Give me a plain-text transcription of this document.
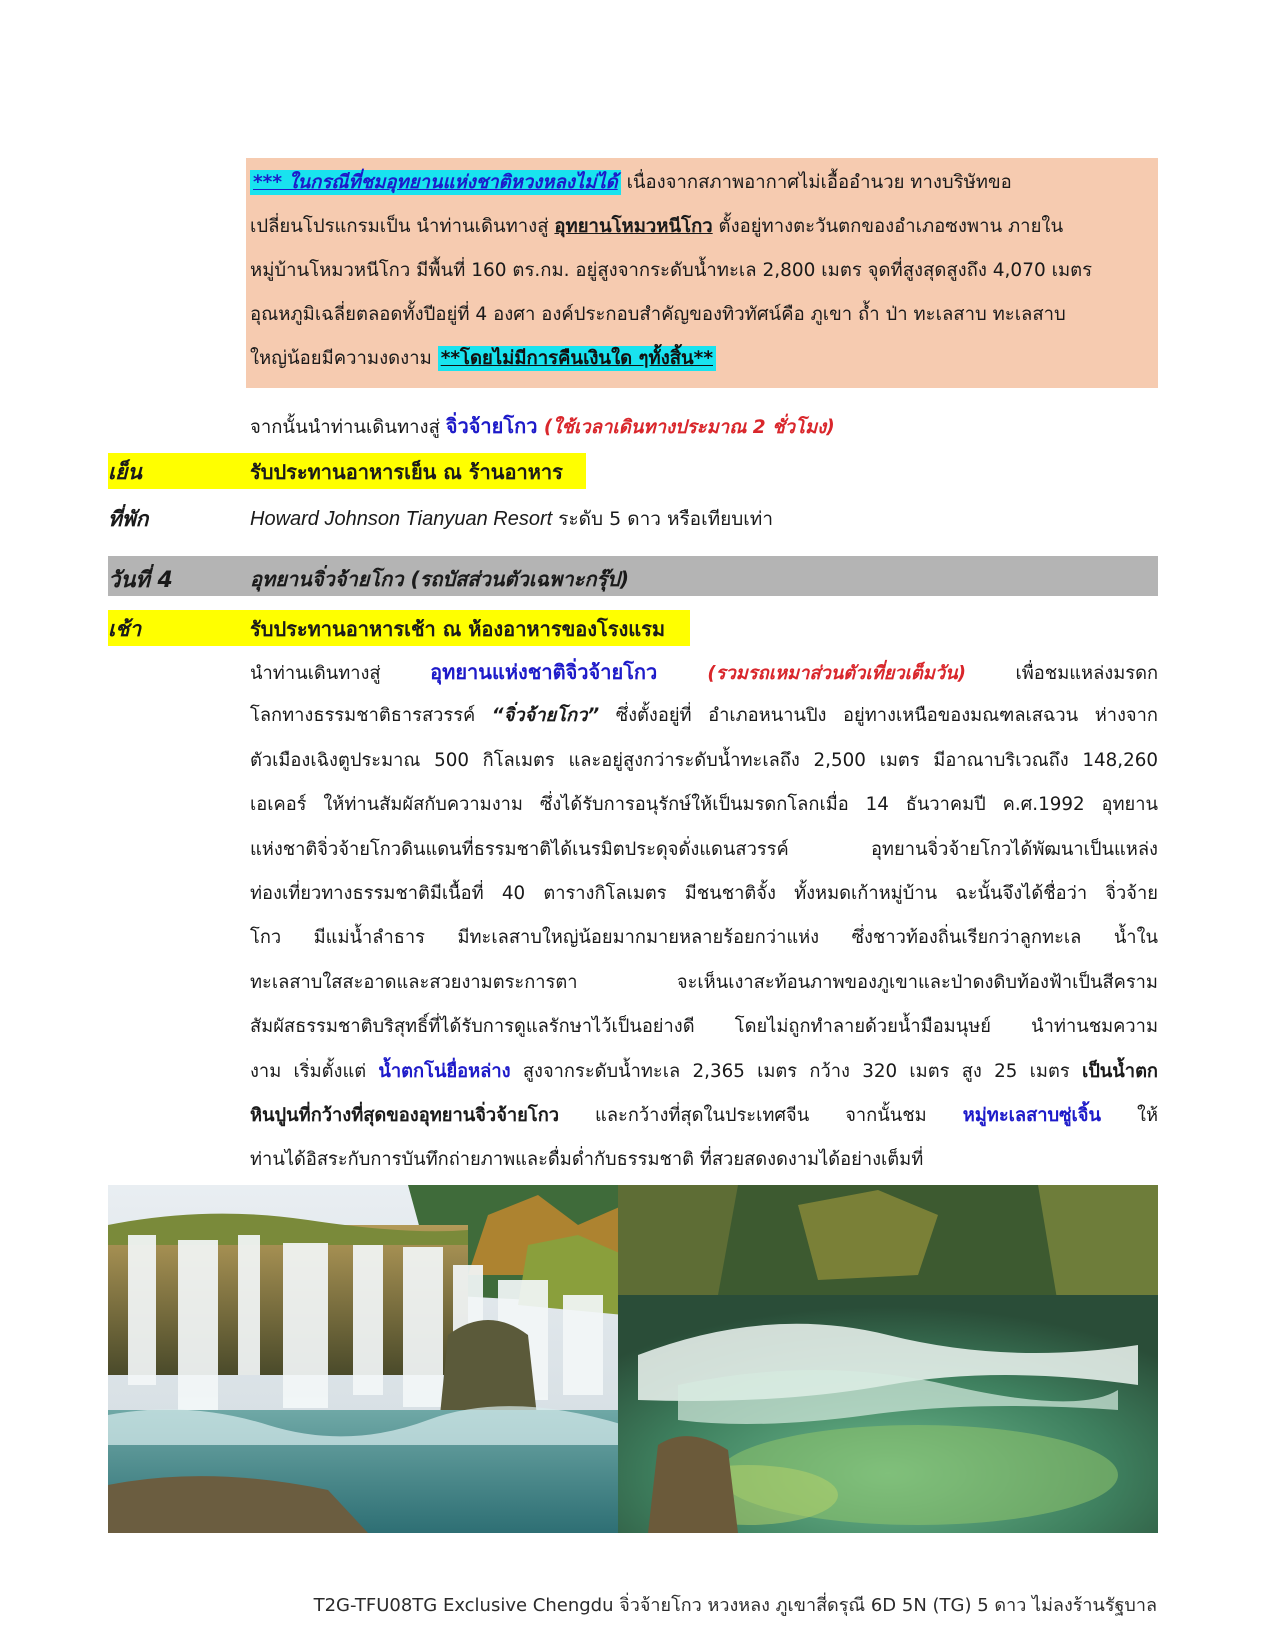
*** ในกรณีที่ชมอุทยานแห่งชาติหวงหลงไม่ได้ เนื่องจากสภาพอากาศไม่เอื้ออำนวย ทางบริษัทขอ
เปลี่ยนโปรแกรมเป็น นำท่านเดินทางสู่ อุทยานโหมวหนีโกว ตั้งอยู่ทางตะวันตกของอำเภอซงพาน ภายใน
หมู่บ้านโหมวหนีโกว มีพื้นที่ 160 ตร.กม. อยู่สูงจากระดับน้ำทะเล 2,800 เมตร จุดที่สูงสุดสูงถึง 4,070 เมตร
อุณหภูมิเฉลี่ยตลอดทั้งปีอยู่ที่ 4 องศา องค์ประกอบสำคัญของทิวทัศน์คือ ภูเขา ถ้ำ ป่า ทะเลสาบ ทะเลสาบ
ใหญ่น้อยมีความงดงาม **โดยไม่มีการคืนเงินใด ๆทั้งสิ้น**
จากนั้นนำท่านเดินทางสู่ จิ่วจ้ายโกว (ใช้เวลาเดินทางประมาณ 2 ชั่วโมง)
เย็น	รับประทานอาหารเย็น ณ ร้านอาหาร
ที่พัก	Howard Johnson Tianyuan Resort ระดับ 5 ดาว หรือเทียบเท่า
วันที่ 4	อุทยานจิ่วจ้ายโกว (รถบัสส่วนตัวเฉพาะกรุ๊ป)
เช้า	รับประทานอาหารเช้า ณ ห้องอาหารของโรงแรม
นำท่านเดินทางสู่ อุทยานแห่งชาติจิ่วจ้ายโกว (รวมรถเหมาส่วนตัวเที่ยวเต็มวัน) เพื่อชมแหล่งมรดก
โลกทางธรรมชาติธารสวรรค์ “จิ่วจ้ายโกว” ซึ่งตั้งอยู่ที่ อำเภอหนานปิง อยู่ทางเหนือของมณฑลเสฉวน ห่างจาก
ตัวเมืองเฉิงตูประมาณ 500 กิโลเมตร และอยู่สูงกว่าระดับน้ำทะเลถึง 2,500 เมตร มีอาณาบริเวณถึง 148,260
เอเคอร์ ให้ท่านสัมผัสกับความงาม ซึ่งได้รับการอนุรักษ์ให้เป็นมรดกโลกเมื่อ 14 ธันวาคมปี ค.ศ.1992 อุทยาน
แห่งชาติจิ่วจ้ายโกวดินแดนที่ธรรมชาติได้เนรมิตประดุจดั่งแดนสวรรค์ อุทยานจิ่วจ้ายโกวได้พัฒนาเป็นแหล่ง
ท่องเที่ยวทางธรรมชาติมีเนื้อที่ 40 ตารางกิโลเมตร มีชนชาติจั้ง ทั้งหมดเก้าหมู่บ้าน ฉะนั้นจึงได้ชื่อว่า จิ่วจ้าย
โกว มีแม่น้ำลำธาร มีทะเลสาบใหญ่น้อยมากมายหลายร้อยกว่าแห่ง ซึ่งชาวท้องถิ่นเรียกว่าลูกทะเล น้ำใน
ทะเลสาบใสสะอาดและสวยงามตระการตา จะเห็นเงาสะท้อนภาพของภูเขาและป่าดงดิบท้องฟ้าเป็นสีคราม
สัมผัสธรรมชาติบริสุทธิ์ที่ได้รับการดูแลรักษาไว้เป็นอย่างดี โดยไม่ถูกทำลายด้วยน้ำมือมนุษย์ นำท่านชมความ
งาม เริ่มตั้งแต่ น้ำตกโน่ยื่อหล่าง สูงจากระดับน้ำทะเล 2,365 เมตร กว้าง 320 เมตร สูง 25 เมตร เป็นน้ำตก
หินปูนที่กว้างที่สุดของอุทยานจิ่วจ้ายโกว และกว้างที่สุดในประเทศจีน จากนั้นชม หมู่ทะเลสาบซู่เจิ้น ให้
ท่านได้อิสระกับการบันทึกถ่ายภาพและดื่มด่ำกับธรรมชาติ ที่สวยสดงดงามได้อย่างเต็มที่
T2G-TFU08TG Exclusive Chengdu จิ่วจ้ายโกว หวงหลง ภูเขาสี่ดรุณี 6D 5N (TG) 5 ดาว ไม่ลงร้านรัฐบาล
